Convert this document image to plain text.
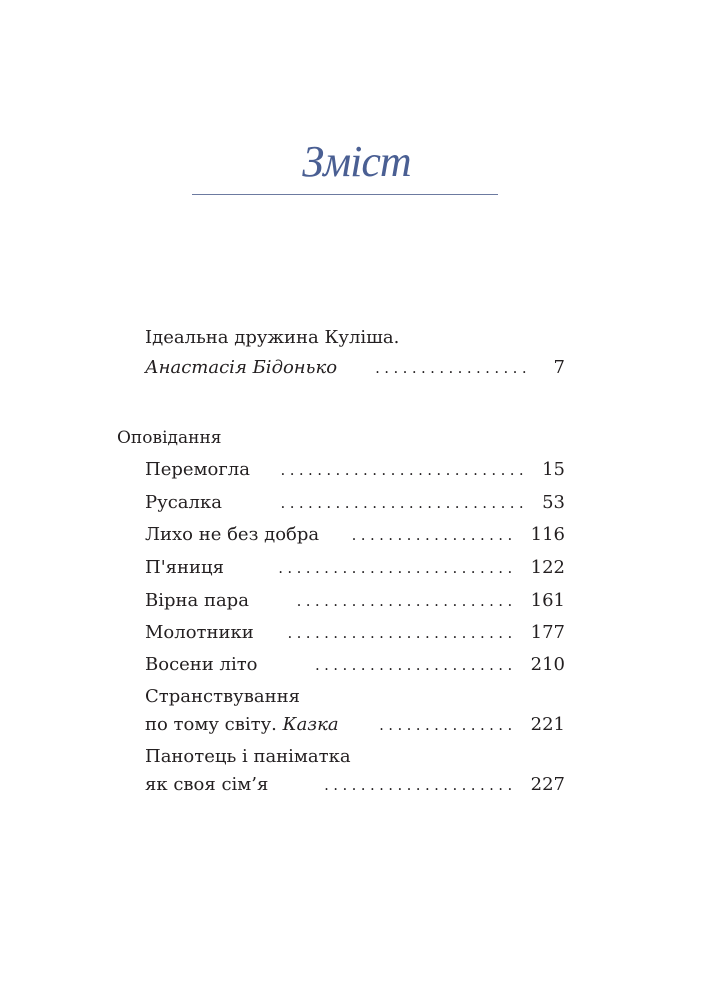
Зміст
Ідеальна дружина Куліша.
Анастасія Бідонько	.................	7
Оповідання
Перемогла	........................... 15
Русалка	........................... 53
Лихо не без добра	.................. 116
П'яниця	.......................... 122
Вірна пара	........................ 161
Молотники	......................... 177
Восени літо	...................... 210
Странствування
по тому світу. Казка	............... 221
Панотець і паніматка
як своя сім’я	..................... 227
